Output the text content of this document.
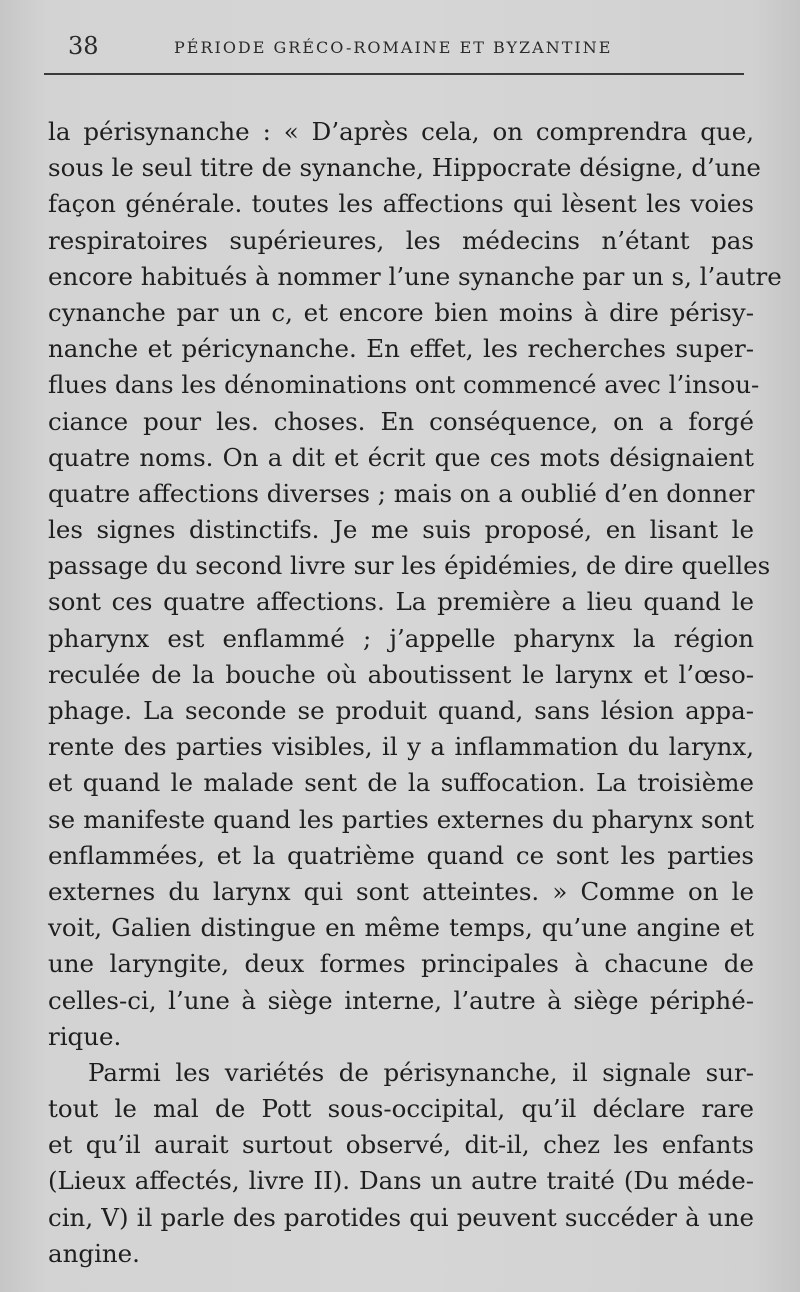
38	PÉRIODE GRÉCO-ROMAINE ET BYZANTINE
la périsynanche : « D’après cela, on comprendra que,
sous le seul titre de synanche, Hippocrate désigne, d’une
façon générale. toutes les affections qui lèsent les voies
respiratoires supérieures, les médecins n’étant pas
encore habitués à nommer l’une synanche par un s, l’autre
cynanche par un c, et encore bien moins à dire périsy-
nanche et péricynanche. En effet, les recherches super-
flues dans les dénominations ont commencé avec l’insou-
ciance pour les. choses. En conséquence, on a forgé
quatre noms. On a dit et écrit que ces mots désignaient
quatre affections diverses ; mais on a oublié d’en donner
les signes distinctifs. Je me suis proposé, en lisant le
passage du second livre sur les épidémies, de dire quelles
sont ces quatre affections. La première a lieu quand le
pharynx est enflammé ; j’appelle pharynx la région
reculée de la bouche où aboutissent le larynx et l’œso-
phage. La seconde se produit quand, sans lésion appa-
rente des parties visibles, il y a inflammation du larynx,
et quand le malade sent de la suffocation. La troisième
se manifeste quand les parties externes du pharynx sont
enflammées, et la quatrième quand ce sont les parties
externes du larynx qui sont atteintes. » Comme on le
voit, Galien distingue en même temps, qu’une angine et
une laryngite, deux formes principales à chacune de
celles-ci, l’une à siège interne, l’autre à siège périphé-
rique.
Parmi les variétés de périsynanche, il signale sur-
tout le mal de Pott sous-occipital, qu’il déclare rare
et qu’il aurait surtout observé, dit-il, chez les enfants
(Lieux affectés, livre II). Dans un autre traité (Du méde-
cin, V) il parle des parotides qui peuvent succéder à une
angine.
